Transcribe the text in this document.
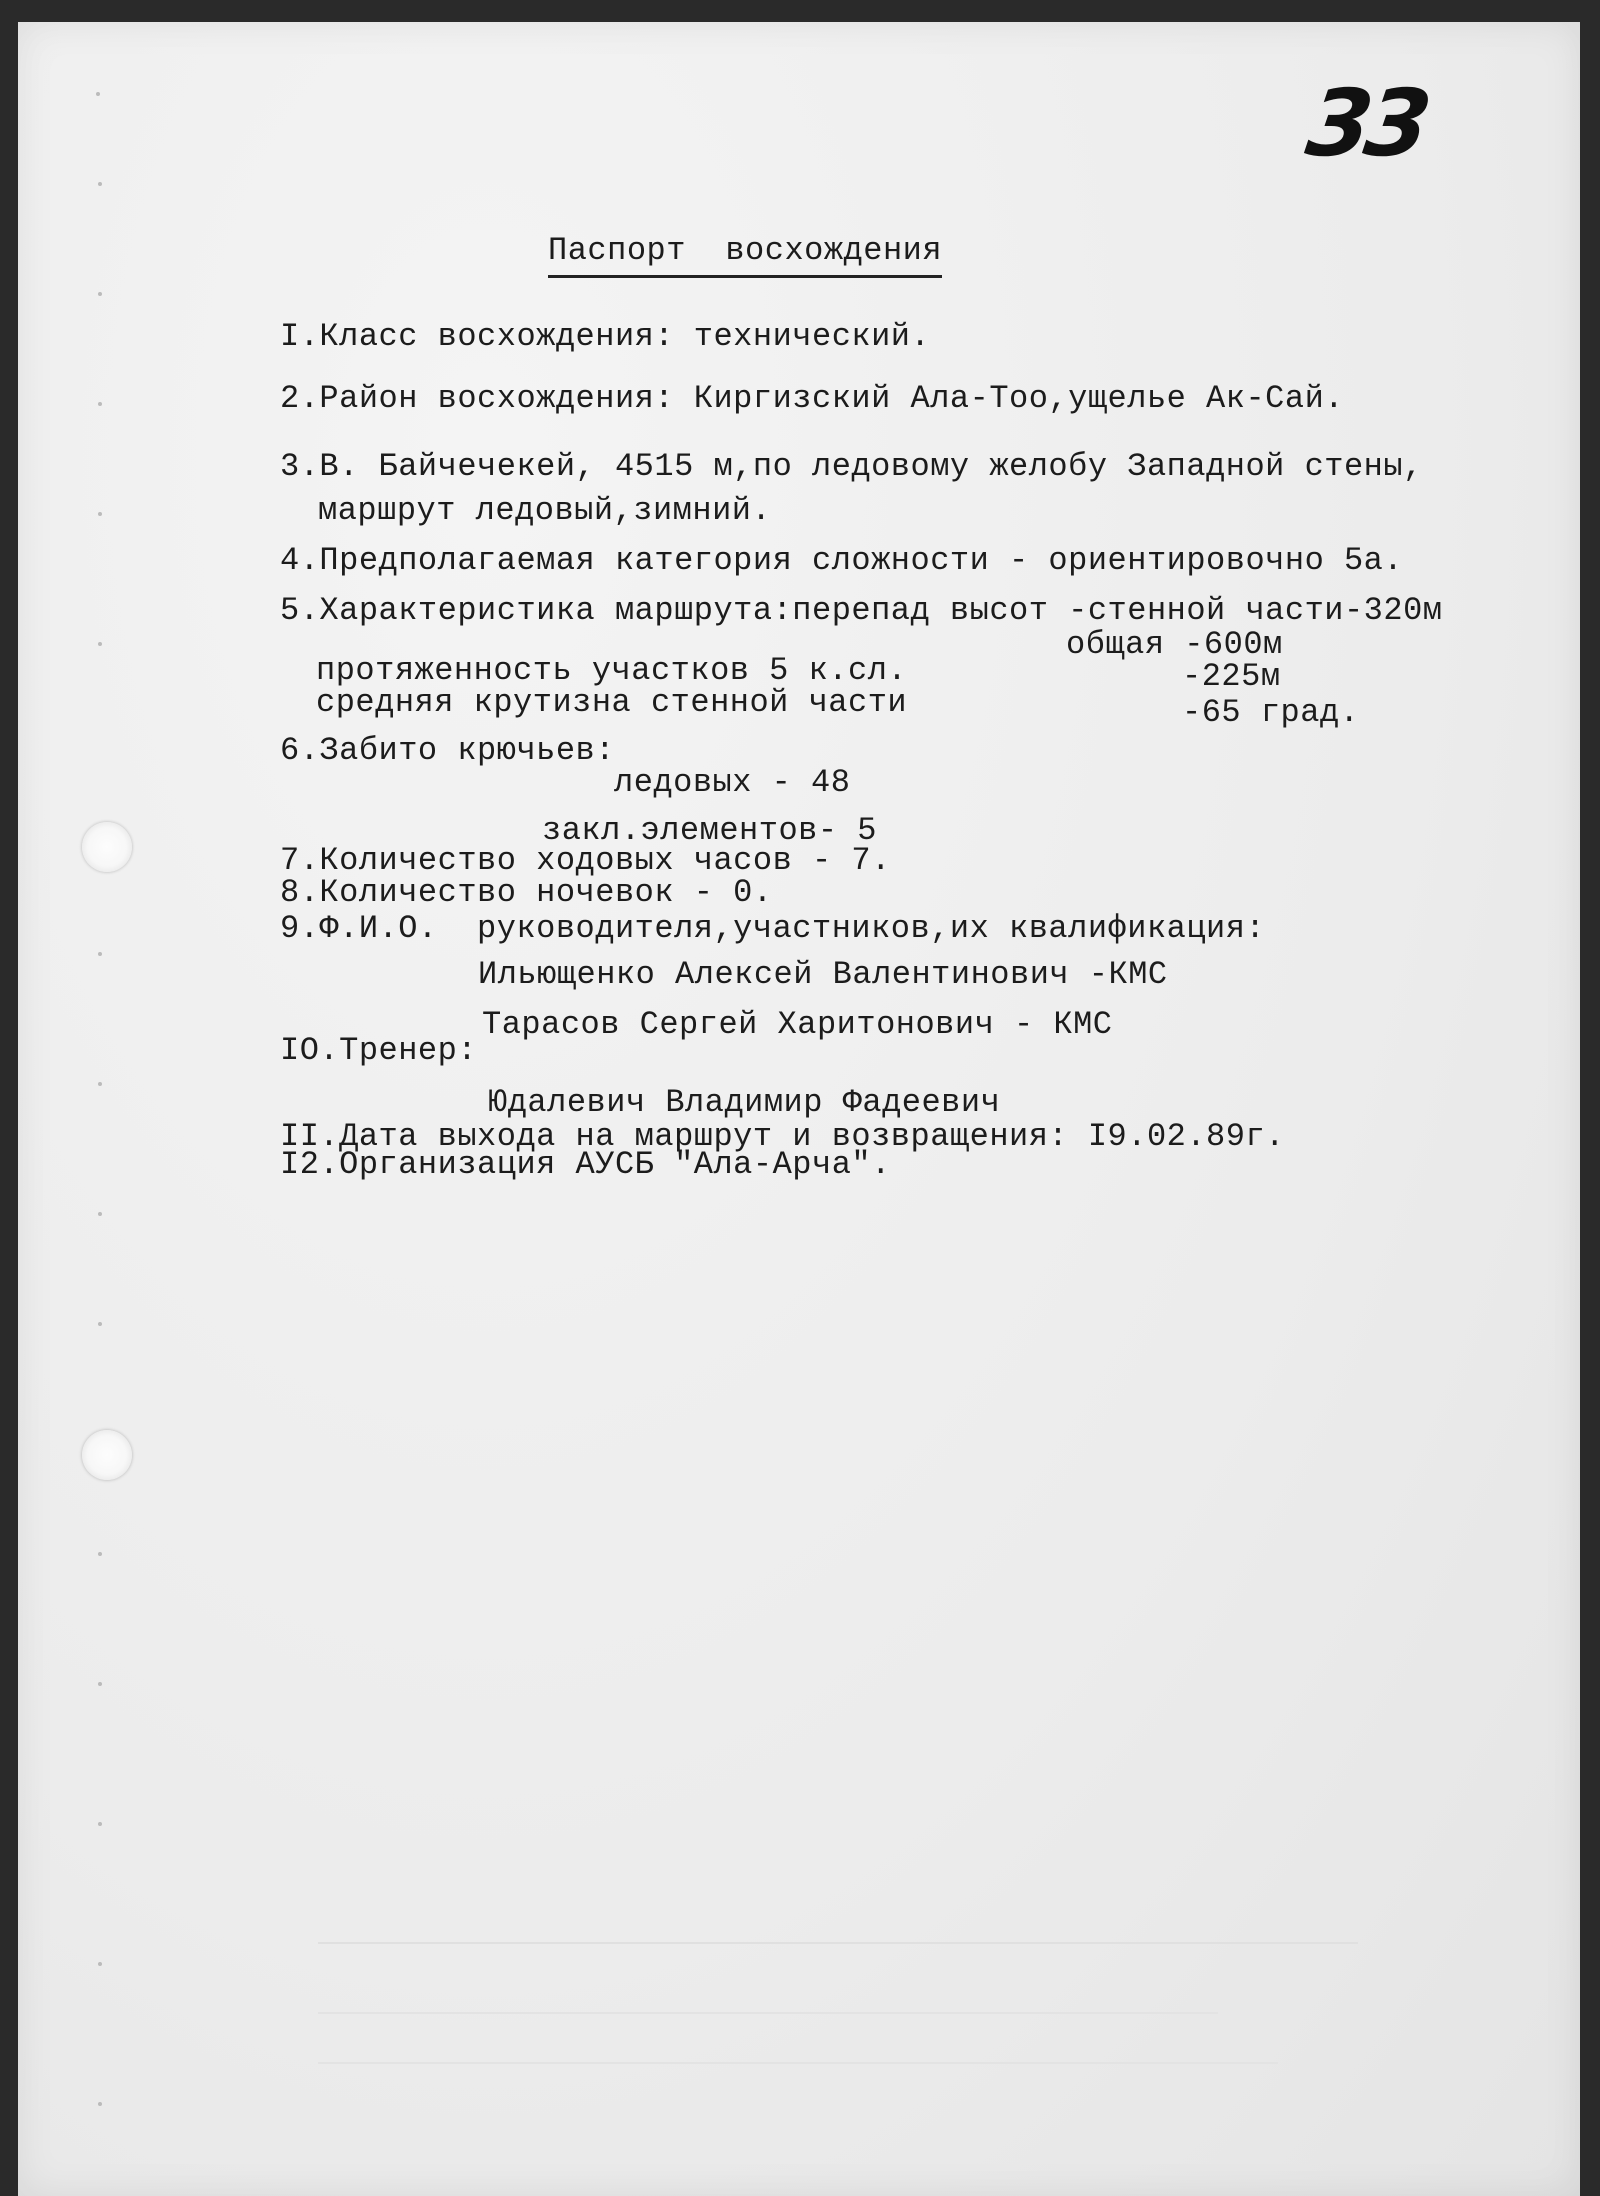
33
Паспорт  восхождения
I.Класс восхождения: технический.
2.Район восхождения: Киргизский Ала-Тоо,ущелье Ак-Сай.
3.В. Байчечекей, 4515 м,по ледовому желобу Западной стены,
маршрут ледовый,зимний.
4.Предполагаемая категория сложности - ориентировочно 5а.
5.Характеристика маршрута:перепад высот -стенной части-320м
общая -600м
протяженность участков 5 к.сл.	-225м
средняя крутизна стенной части	-65 град.
6.Забито крючьев:
ледовых - 48
закл.элементов- 5
7.Количество ходовых часов - 7.
8.Количество ночевок - 0.
9.Ф.И.О.  руководителя,участников,их квалификация:
Ильющенко Алексей Валентинович -КМС
Тарасов Сергей Харитонович - КМС
IO.Тренер:
Юдалевич Владимир Фадеевич
II.Дата выхода на маршрут и возвращения: I9.02.89г.
I2.Организация АУСБ "Ала-Арча".
